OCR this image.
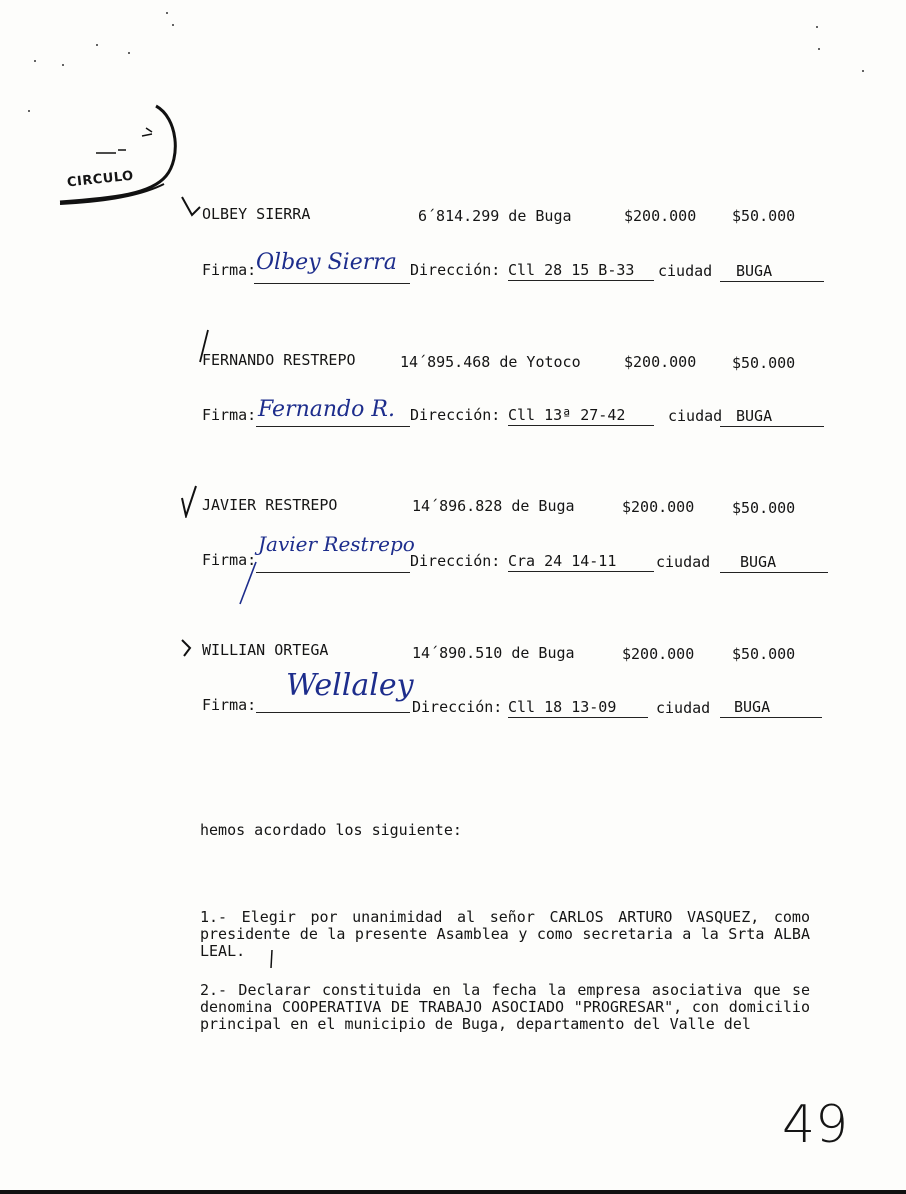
CIRCULO
OLBEY SIERRA	6´814.299 de Buga	$200.000 $50.000
Firma: Olbey Sierra Dirección: Cll 28 15 B-33	ciudad	BUGA
FERNANDO RESTREPO	14´895.468 de Yotoco	$200.000 $50.000
Firma: Fernando R. Dirección: Cll 13ª 27-42	ciudad BUGA
JAVIER RESTREPO	14´896.828 de Buga	$200.000	$50.000
Firma:
Javier Restrepo
Dirección: Cra 24 14-11	ciudad	BUGA
WILLIAN ORTEGA	14´890.510 de Buga	$200.000	$50.000
Firma:
Wellaley
Dirección: Cll 18 13-09	ciudad	BUGA
hemos acordado los siguiente:
1.- Elegir por unanimidad al señor CARLOS ARTURO VASQUEZ, como presidente de la presente Asamblea y como secretaria a la Srta ALBA LEAL.
2.- Declarar constituida en la fecha la empresa asociativa que se denomina COOPERATIVA DE TRABAJO ASOCIADO "PROGRESAR", con domicilio principal en el municipio de Buga, departamento del Valle del
49
